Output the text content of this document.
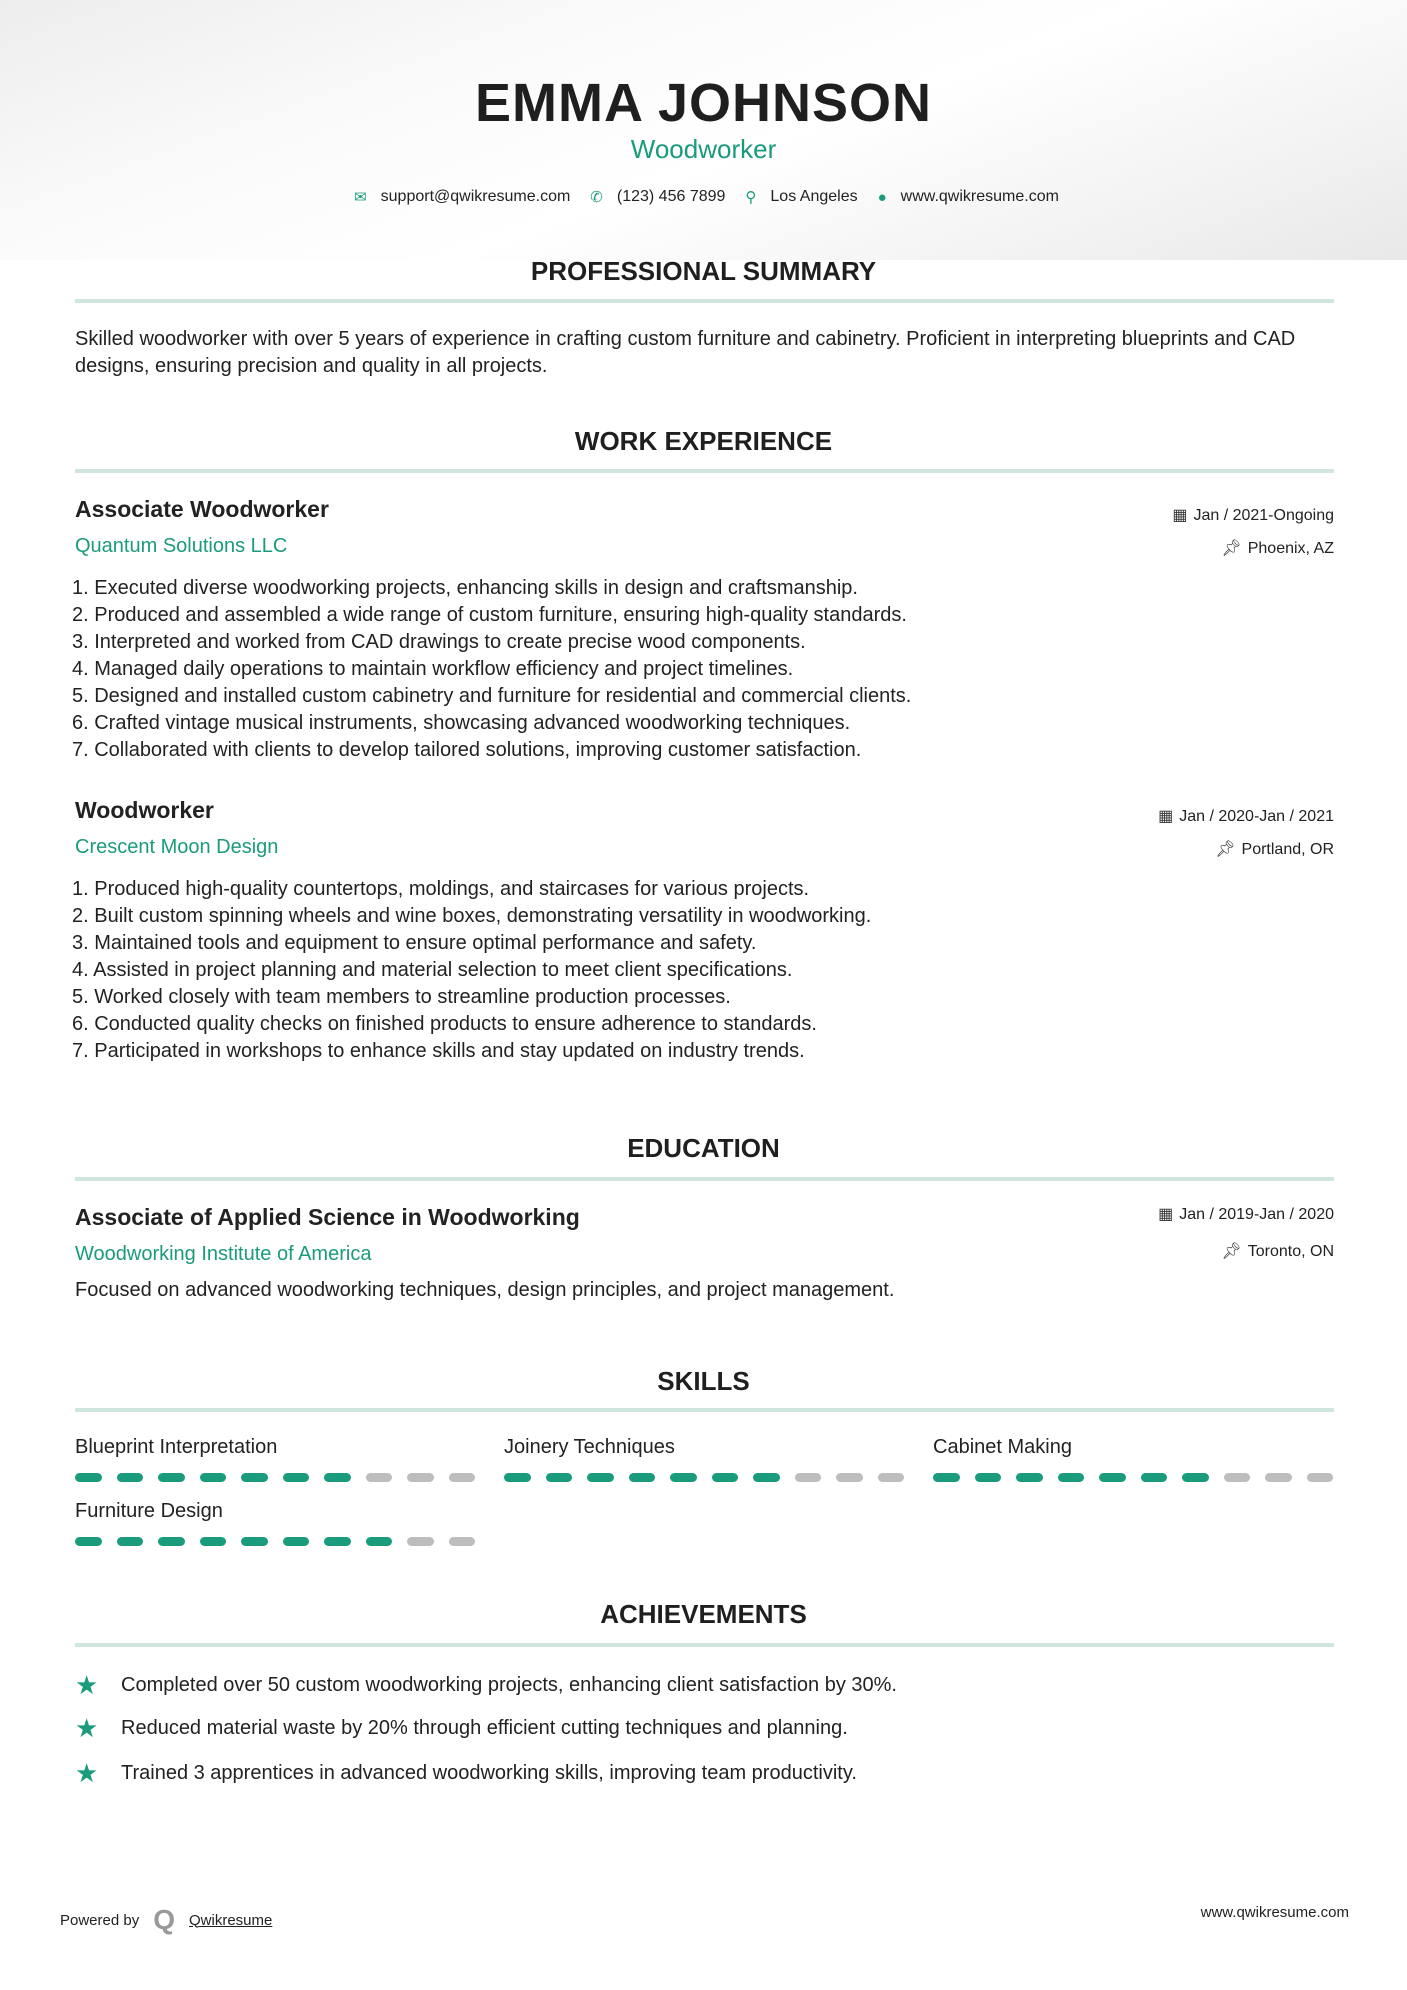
EMMA JOHNSON
Woodworker
✉ support@qwikresume.com ✆ (123) 456 7899 ⚲ Los Angeles ● www.qwikresume.com
PROFESSIONAL SUMMARY
Skilled woodworker with over 5 years of experience in crafting custom furniture and cabinetry. Proficient in interpreting blueprints and CAD designs, ensuring precision and quality in all projects.
WORK EXPERIENCE
Associate Woodworker
Quantum Solutions LLC
▦ Jan / 2021-Ongoing
📌︎ Phoenix, AZ
1. Executed diverse woodworking projects, enhancing skills in design and craftsmanship.
2. Produced and assembled a wide range of custom furniture, ensuring high-quality standards.
3. Interpreted and worked from CAD drawings to create precise wood components.
4. Managed daily operations to maintain workflow efficiency and project timelines.
5. Designed and installed custom cabinetry and furniture for residential and commercial clients.
6. Crafted vintage musical instruments, showcasing advanced woodworking techniques.
7. Collaborated with clients to develop tailored solutions, improving customer satisfaction.
Woodworker
Crescent Moon Design
▦ Jan / 2020-Jan / 2021
📌︎ Portland, OR
1. Produced high-quality countertops, moldings, and staircases for various projects.
2. Built custom spinning wheels and wine boxes, demonstrating versatility in woodworking.
3. Maintained tools and equipment to ensure optimal performance and safety.
4. Assisted in project planning and material selection to meet client specifications.
5. Worked closely with team members to streamline production processes.
6. Conducted quality checks on finished products to ensure adherence to standards.
7. Participated in workshops to enhance skills and stay updated on industry trends.
EDUCATION
Associate of Applied Science in Woodworking
Woodworking Institute of America
▦ Jan / 2019-Jan / 2020
📌︎ Toronto, ON
Focused on advanced woodworking techniques, design principles, and project management.
SKILLS
Blueprint Interpretation	Joinery Techniques	Cabinet Making
Furniture Design
ACHIEVEMENTS
★	Completed over 50 custom woodworking projects, enhancing client satisfaction by 30%.
★	Reduced material waste by 20% through efficient cutting techniques and planning.
★	Trained 3 apprentices in advanced woodworking skills, improving team productivity.
Powered by Q Qwikresume	www.qwikresume.com
